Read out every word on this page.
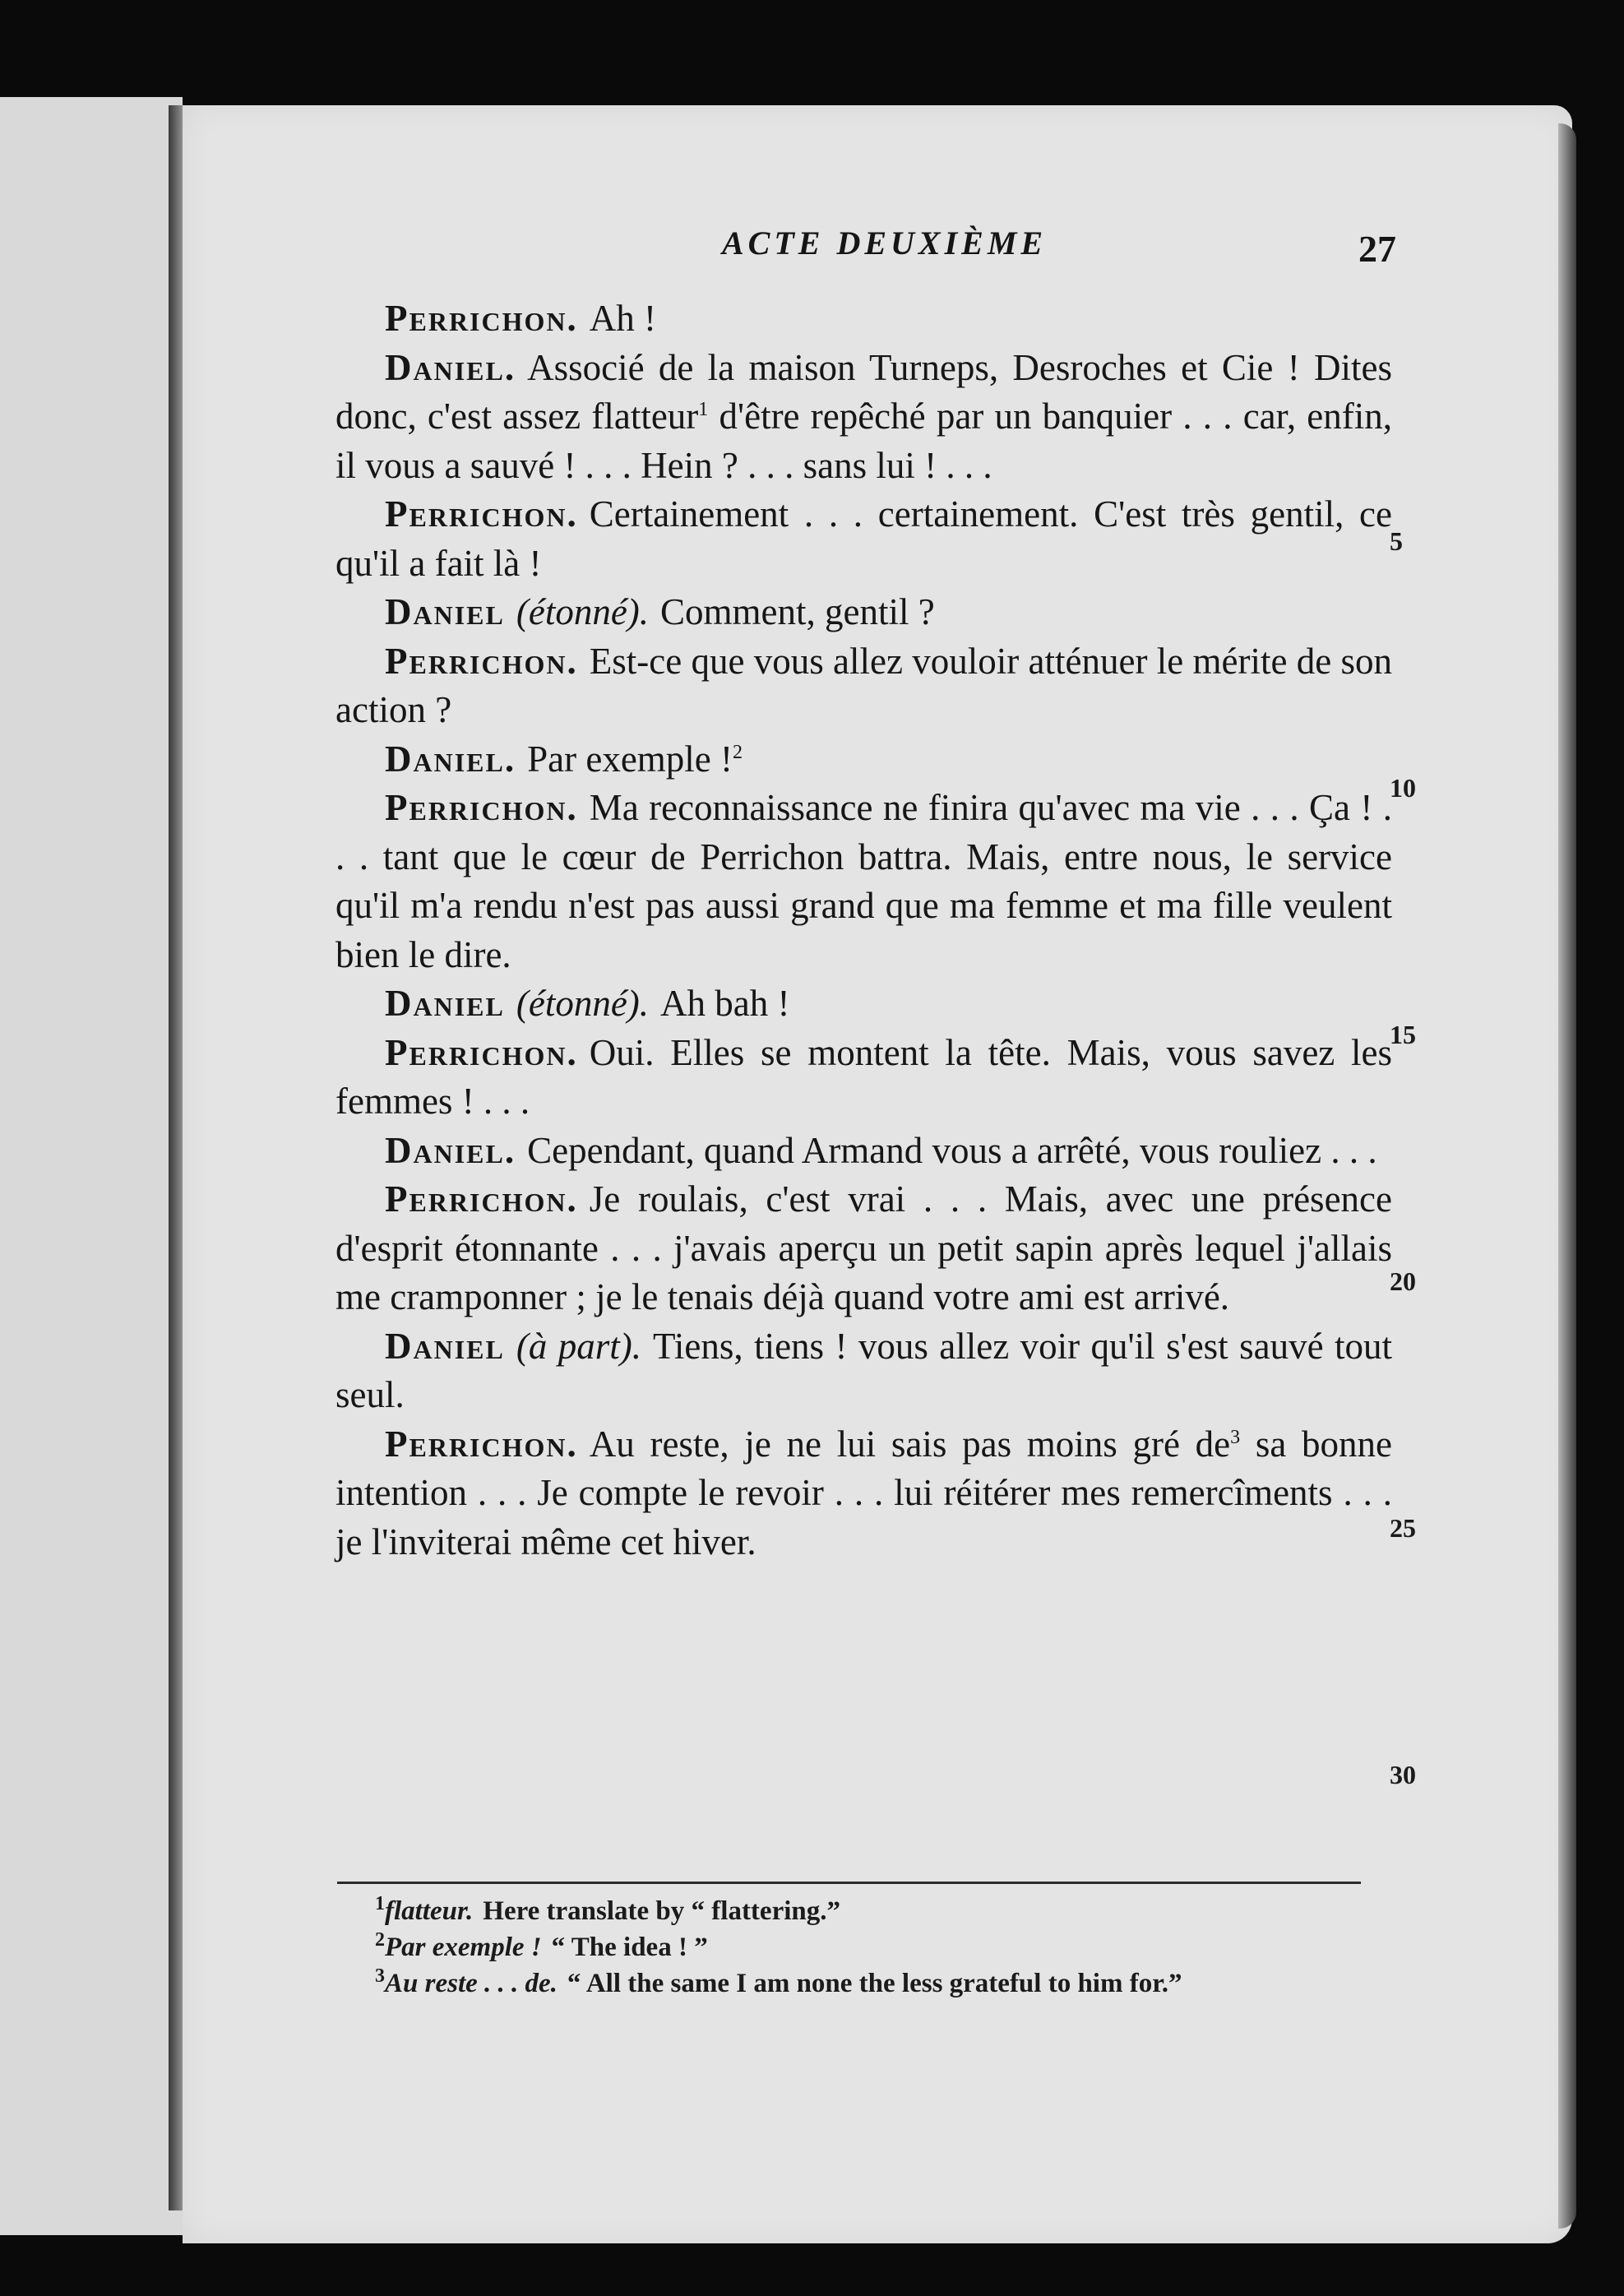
ACTE DEUXIÈME	27

Perrichon. Ah !

Daniel. Associé de la maison Turneps, Desroches et Cie ! Dites donc, c'est assez flatteur$^1$ d'être repêché par un banquier . . . car, enfin, il vous a sauvé ! . . . Hein ? . . . sans lui ! . . .

Perrichon. Certainement . . . certainement. C'est très gentil, ce qu'il a fait là !

Daniel (étonné). Comment, gentil ?

Perrichon. Est-ce que vous allez vouloir atténuer le mérite de son action ?

Daniel. Par exemple !$^2$

Perrichon. Ma reconnaissance ne finira qu'avec ma vie . . . Ça ! . . . tant que le cœur de Perrichon battra. Mais, entre nous, le service qu'il m'a rendu n'est pas aussi grand que ma femme et ma fille veulent bien le dire.

Daniel (étonné). Ah bah !

Perrichon. Oui. Elles se montent la tête. Mais, vous savez les femmes ! . . .

Daniel. Cependant, quand Armand vous a arrêté, vous rouliez . . .

Perrichon. Je roulais, c'est vrai . . . Mais, avec une présence d'esprit étonnante . . . j'avais aperçu un petit sapin après lequel j'allais me cramponner ; je le tenais déjà quand votre ami est arrivé.

Daniel (à part). Tiens, tiens ! vous allez voir qu'il s'est sauvé tout seul.

Perrichon. Au reste, je ne lui sais pas moins gré de$^3$ sa bonne intention . . . Je compte le revoir . . . lui réitérer mes remercîments . . . je l'inviterai même cet hiver.

5
10
15
20
25
30

$^1$flatteur. Here translate by “ flattering.”

$^2$Par exemple ! “ The idea ! ”

$^3$Au reste . . . de. “ All the same I am none the less grateful to him for.”
